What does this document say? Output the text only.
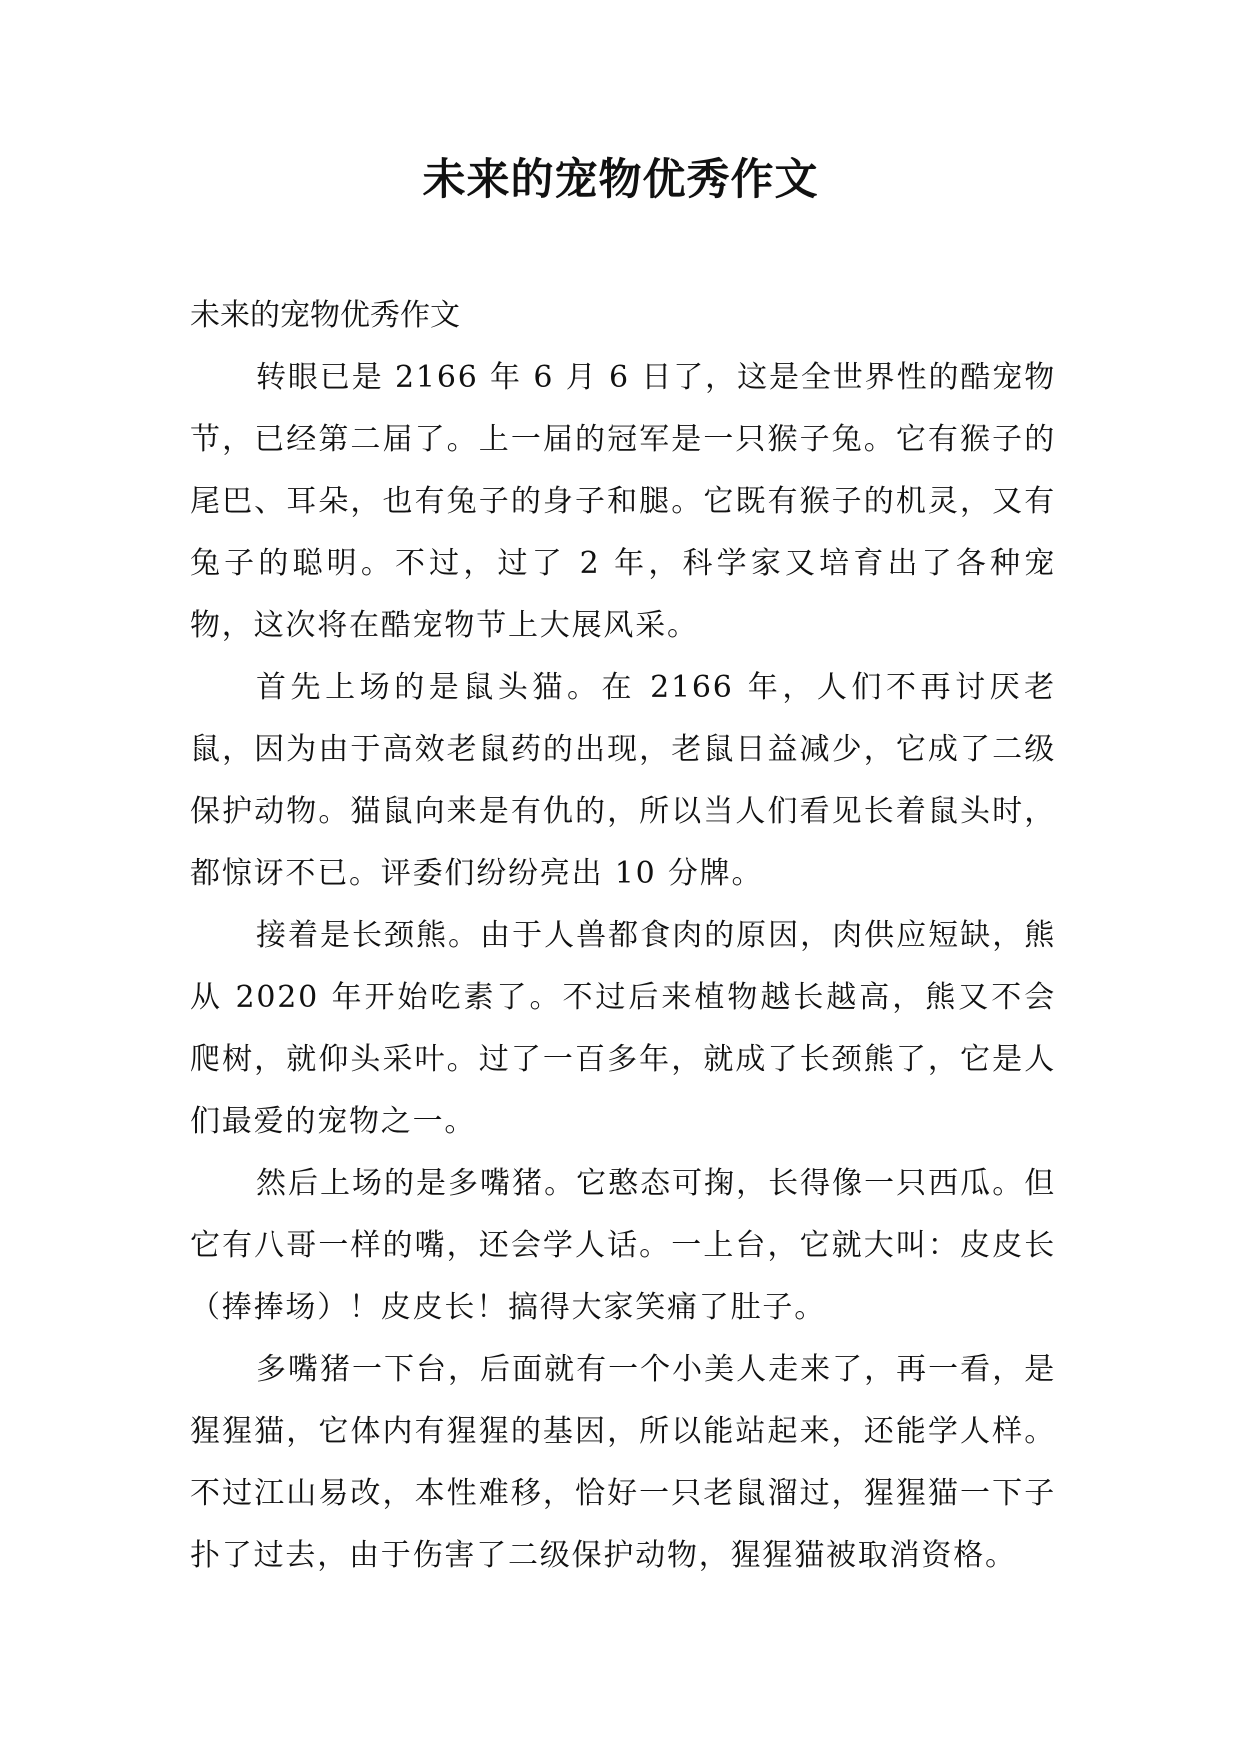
未来的宠物优秀作文

未来的宠物优秀作文

转眼已是 2166 年 6 月 6 日了，这是全世界性的酷宠物节，已经第二届了。上一届的冠军是一只猴子兔。它有猴子的尾巴、耳朵，也有兔子的身子和腿。它既有猴子的机灵，又有兔子的聪明。不过，过了 2 年，科学家又培育出了各种宠物，这次将在酷宠物节上大展风采。

首先上场的是鼠头猫。在 2166 年，人们不再讨厌老鼠，因为由于高效老鼠药的出现，老鼠日益减少，它成了二级保护动物。猫鼠向来是有仇的，所以当人们看见长着鼠头时，都惊讶不已。评委们纷纷亮出 10 分牌。

接着是长颈熊。由于人兽都食肉的原因，肉供应短缺，熊从 2020 年开始吃素了。不过后来植物越长越高，熊又不会爬树，就仰头采叶。过了一百多年，就成了长颈熊了，它是人们最爱的宠物之一。

然后上场的是多嘴猪。它憨态可掬，长得像一只西瓜。但它有八哥一样的嘴，还会学人话。一上台，它就大叫：皮皮长（捧捧场）！皮皮长！搞得大家笑痛了肚子。

多嘴猪一下台，后面就有一个小美人走来了，再一看，是猩猩猫，它体内有猩猩的基因，所以能站起来，还能学人样。不过江山易改，本性难移，恰好一只老鼠溜过，猩猩猫一下子扑了过去，由于伤害了二级保护动物，猩猩猫被取消资格。
